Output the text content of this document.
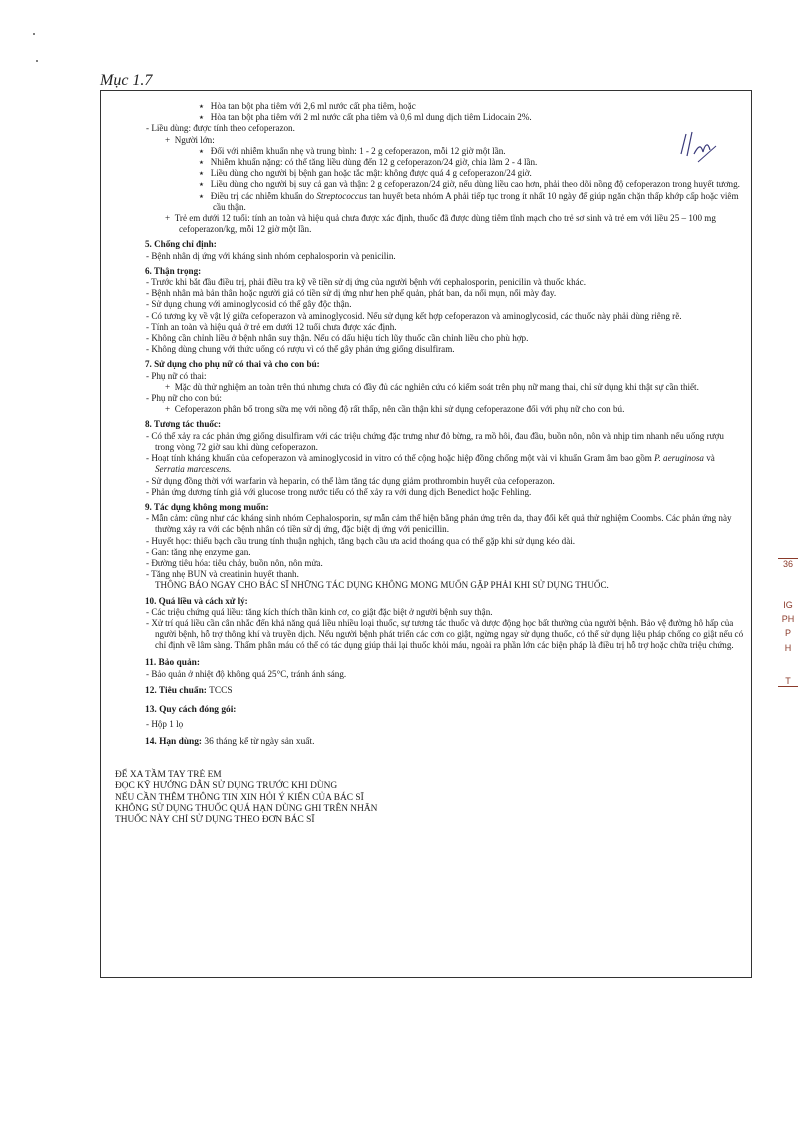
Mục 1.7
36
IG
PH
P
H
T
٭ Hòa tan bột pha tiêm với 2,6 ml nước cất pha tiêm, hoặc
٭ Hòa tan bột pha tiêm với 2 ml nước cất pha tiêm và 0,6 ml dung dịch tiêm Lidocain 2%.
- Liều dùng: được tính theo cefoperazon.
+ Người lớn:
٭ Đối với nhiễm khuẩn nhẹ và trung bình: 1 - 2 g cefoperazon, mỗi 12 giờ một lần.
٭ Nhiễm khuẩn nặng: có thể tăng liều dùng đến 12 g cefoperazon/24 giờ, chia làm 2 - 4 lần.
٭ Liều dùng cho người bị bệnh gan hoặc tắc mật: không được quá 4 g cefoperazon/24 giờ.
٭ Liều dùng cho người bị suy cả gan và thận: 2 g cefoperazon/24 giờ, nếu dùng liều cao hơn, phải theo dõi nồng độ cefoperazon trong huyết tương.
٭ Điều trị các nhiễm khuẩn do Streptococcus tan huyết beta nhóm A phải tiếp tục trong ít nhất 10 ngày để giúp ngăn chặn thấp khớp cấp hoặc viêm cầu thận.
+ Trẻ em dưới 12 tuổi: tính an toàn và hiệu quả chưa được xác định, thuốc đã được dùng tiêm tĩnh mạch cho trẻ sơ sinh và trẻ em với liều 25 – 100 mg cefoperazon/kg, mỗi 12 giờ một lần.
5. Chống chỉ định:
- Bệnh nhân dị ứng với kháng sinh nhóm cephalosporin và penicilin.
6. Thận trọng:
- Trước khi bắt đầu điều trị, phải điều tra kỹ về tiền sử dị ứng của người bệnh với cephalosporin, penicilin và thuốc khác.
- Bệnh nhân mà bản thân hoặc người giả có tiền sử dị ứng như hen phế quản, phát ban, da nổi mụn, nổi mày đay.
- Sử dụng chung với aminoglycosid có thể gây độc thận.
- Có tương kỵ về vật lý giữa cefoperazon và aminoglycosid. Nếu sử dụng kết hợp cefoperazon và aminoglycosid, các thuốc này phải dùng riêng rẽ.
- Tính an toàn và hiệu quả ở trẻ em dưới 12 tuổi chưa được xác định.
- Không cần chỉnh liều ở bệnh nhân suy thận. Nếu có dấu hiệu tích lũy thuốc cần chỉnh liều cho phù hợp.
- Không dùng chung với thức uống có rượu vì có thể gây phản ứng giống disulfiram.
7. Sử dụng cho phụ nữ có thai và cho con bú:
- Phụ nữ có thai:
+ Mặc dù thử nghiệm an toàn trên thú nhưng chưa có đầy đủ các nghiên cứu có kiểm soát trên phụ nữ mang thai, chỉ sử dụng khi thật sự cần thiết.
- Phụ nữ cho con bú:
+ Cefoperazon phân bố trong sữa mẹ với nồng độ rất thấp, nên cần thận khi sử dụng cefoperazone đối với phụ nữ cho con bú.
8. Tương tác thuốc:
- Có thể xảy ra các phản ứng giống disulfiram với các triệu chứng đặc trưng như đỏ bừng, ra mồ hôi, đau đầu, buồn nôn, nôn và nhịp tim nhanh nếu uống rượu trong vòng 72 giờ sau khi dùng cefoperazon.
- Hoạt tính kháng khuẩn của cefoperazon và aminoglycosid in vitro có thể cộng hoặc hiệp đồng chống một vài vi khuẩn Gram âm bao gồm P. aeruginosa và Serratia marcescens.
- Sử dụng đồng thời với warfarin và heparin, có thể làm tăng tác dụng giảm prothrombin huyết của cefoperazon.
- Phản ứng dương tính giả với glucose trong nước tiểu có thể xảy ra với dung dịch Benedict hoặc Fehling.
9. Tác dụng không mong muốn:
- Mẫn cảm: cũng như các kháng sinh nhóm Cephalosporin, sự mẫn cảm thể hiện bằng phản ứng trên da, thay đổi kết quả thử nghiệm Coombs. Các phản ứng này thường xảy ra với các bệnh nhân có tiền sử dị ứng, đặc biệt dị ứng với penicillin.
- Huyết học: thiếu bạch cầu trung tính thuận nghịch, tăng bạch cầu ưa acid thoáng qua có thể gặp khi sử dụng kéo dài.
- Gan: tăng nhẹ enzyme gan.
- Đường tiêu hóa: tiêu chảy, buồn nôn, nôn mửa.
- Tăng nhẹ BUN và creatinin huyết thanh.
THÔNG BÁO NGAY CHO BÁC SĨ NHỮNG TÁC DỤNG KHÔNG MONG MUỐN GẶP PHẢI KHI SỬ DỤNG THUỐC.
10. Quá liều và cách xử lý:
- Các triệu chứng quá liều: tăng kích thích thần kinh cơ, co giật đặc biệt ở người bệnh suy thận.
- Xử trí quá liều cần cân nhắc đến khả năng quá liều nhiều loại thuốc, sự tương tác thuốc và dược động học bất thường của người bệnh. Bảo vệ đường hô hấp của người bệnh, hỗ trợ thông khí và truyền dịch. Nếu người bệnh phát triển các cơn co giật, ngừng ngay sử dụng thuốc, có thể sử dụng liệu pháp chống co giật nếu có chỉ định về lâm sàng. Thẩm phân máu có thể có tác dụng giúp thải lại thuốc khỏi máu, ngoài ra phần lớn các biện pháp là điều trị hỗ trợ hoặc chữa triệu chứng.
11. Bảo quản:
- Bảo quản ở nhiệt độ không quá 25°C, tránh ánh sáng.
12. Tiêu chuẩn: TCCS
13. Quy cách đóng gói:
- Hộp 1 lọ
14. Hạn dùng: 36 tháng kể từ ngày sản xuất.
ĐỂ XA TẦM TAY TRẺ EM
ĐỌC KỸ HƯỚNG DẪN SỬ DỤNG TRƯỚC KHI DÙNG
NẾU CẦN THÊM THÔNG TIN XIN HỎI Ý KIẾN CỦA BÁC SĨ
KHÔNG SỬ DỤNG THUỐC QUÁ HẠN DÙNG GHI TRÊN NHÃN
THUỐC NÀY CHỈ SỬ DỤNG THEO ĐƠN BÁC SĨ
